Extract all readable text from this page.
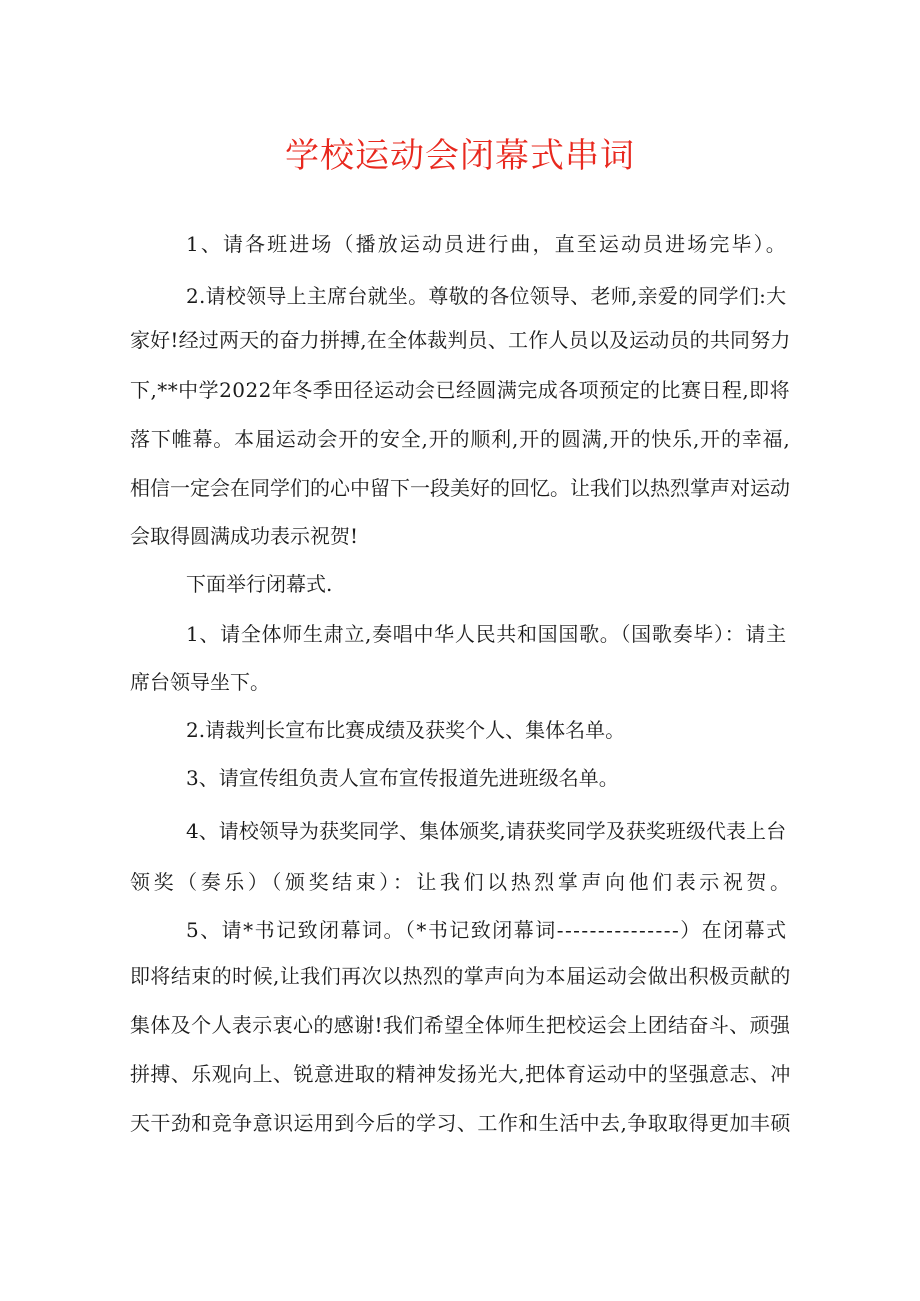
学校运动会闭幕式串词

1、请各班进场（播放运动员进行曲，直至运动员进场完毕）。

2.请校领导上主席台就坐。尊敬的各位领导、老师,亲爱的同学们:大

家好!经过两天的奋力拼搏,在全体裁判员、工作人员以及运动员的共同努力

下,**中学2022年冬季田径运动会已经圆满完成各项预定的比赛日程,即将

落下帷幕。本届运动会开的安全,开的顺利,开的圆满,开的快乐,开的幸福,

相信一定会在同学们的心中留下一段美好的回忆。让我们以热烈掌声对运动

会取得圆满成功表示祝贺!

下面举行闭幕式.

1、请全体师生肃立,奏唱中华人民共和国国歌。（国歌奏毕）：请主

席台领导坐下。

2.请裁判长宣布比赛成绩及获奖个人、集体名单。

3、请宣传组负责人宣布宣传报道先进班级名单。

4、请校领导为获奖同学、集体颁奖,请获奖同学及获奖班级代表上台

领奖（奏乐）（颁奖结束）：让我们以热烈掌声向他们表示祝贺。

5、请*书记致闭幕词。（*书记致闭幕词---------------）在闭幕式

即将结束的时候,让我们再次以热烈的掌声向为本届运动会做出积极贡献的

集体及个人表示衷心的感谢!我们希望全体师生把校运会上团结奋斗、顽强

拼搏、乐观向上、锐意进取的精神发扬光大,把体育运动中的坚强意志、冲

天干劲和竞争意识运用到今后的学习、工作和生活中去,争取取得更加丰硕
